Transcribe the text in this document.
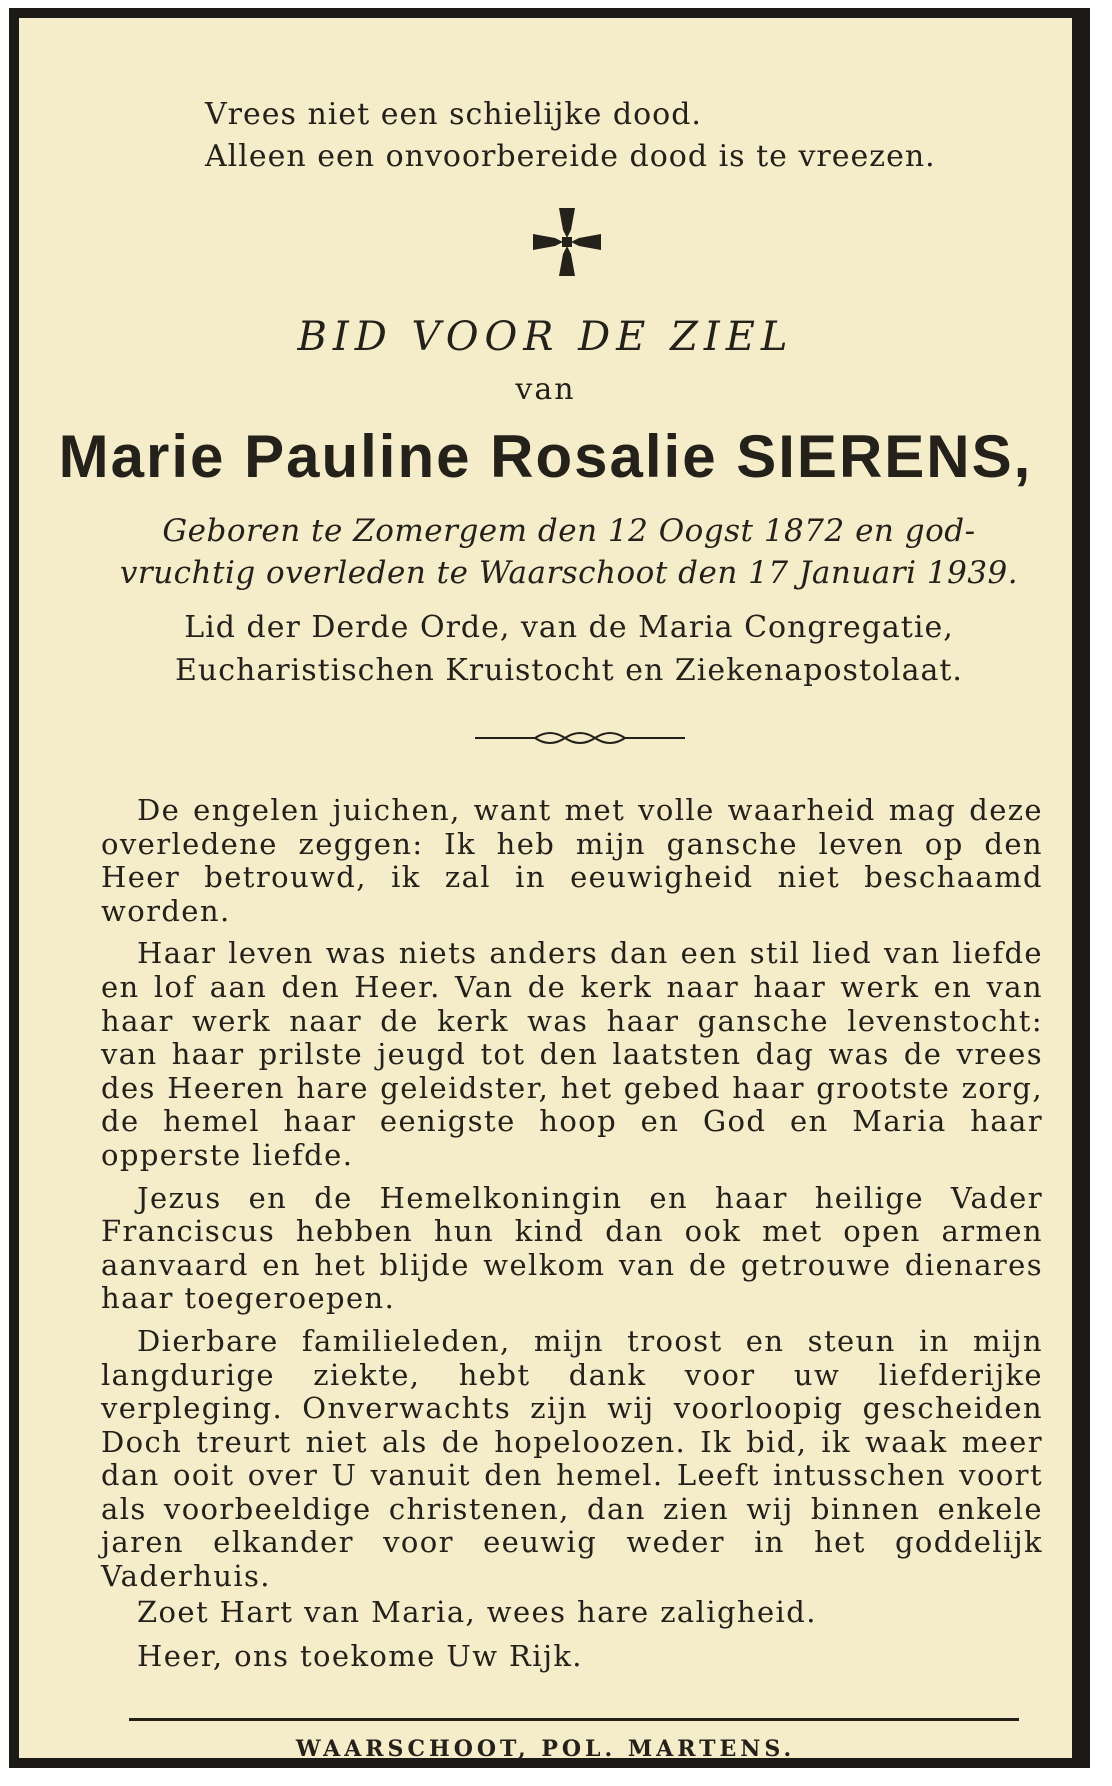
Vrees niet een schielijke dood.
Alleen een onvoorbereide dood is te vreezen.
BID VOOR DE ZIEL
van
Marie Pauline Rosalie SIERENS,
Geboren te Zomergem den 12 Oogst 1872 en god-
vruchtig overleden te Waarschoot den 17 Januari 1939.
Lid der Derde Orde, van de Maria Congregatie,
Eucharistischen Kruistocht en Ziekenapostolaat.

De engelen juichen, want met volle waarheid mag deze overledene zeggen: Ik heb mijn gansche leven op den Heer betrouwd, ik zal in eeuwigheid niet beschaamd worden.

Haar leven was niets anders dan een stil lied van liefde en lof aan den Heer. Van de kerk naar haar werk en van haar werk naar de kerk was haar gansche levenstocht: van haar prilste jeugd tot den laatsten dag was de vrees des Heeren hare geleidster, het gebed haar grootste zorg, de hemel haar eenigste hoop en God en Maria haar opperste liefde.

Jezus en de Hemelkoningin en haar heilige Vader Franciscus hebben hun kind dan ook met open armen aanvaard en het blijde welkom van de getrouwe dienares haar toegeroepen.

Dierbare familieleden, mijn troost en steun in mijn langdurige ziekte, hebt dank voor uw liefderijke verpleging. Onverwachts zijn wij voorloopig gescheiden Doch treurt niet als de hopeloozen. Ik bid, ik waak meer dan ooit over U vanuit den hemel. Leeft intusschen voort als voorbeeldige christenen, dan zien wij binnen enkele jaren elkander voor eeuwig weder in het goddelijk Vaderhuis.

Zoet Hart van Maria, wees hare zaligheid.
Heer, ons toekome Uw Rijk.
WAARSCHOOT, POL. MARTENS.
